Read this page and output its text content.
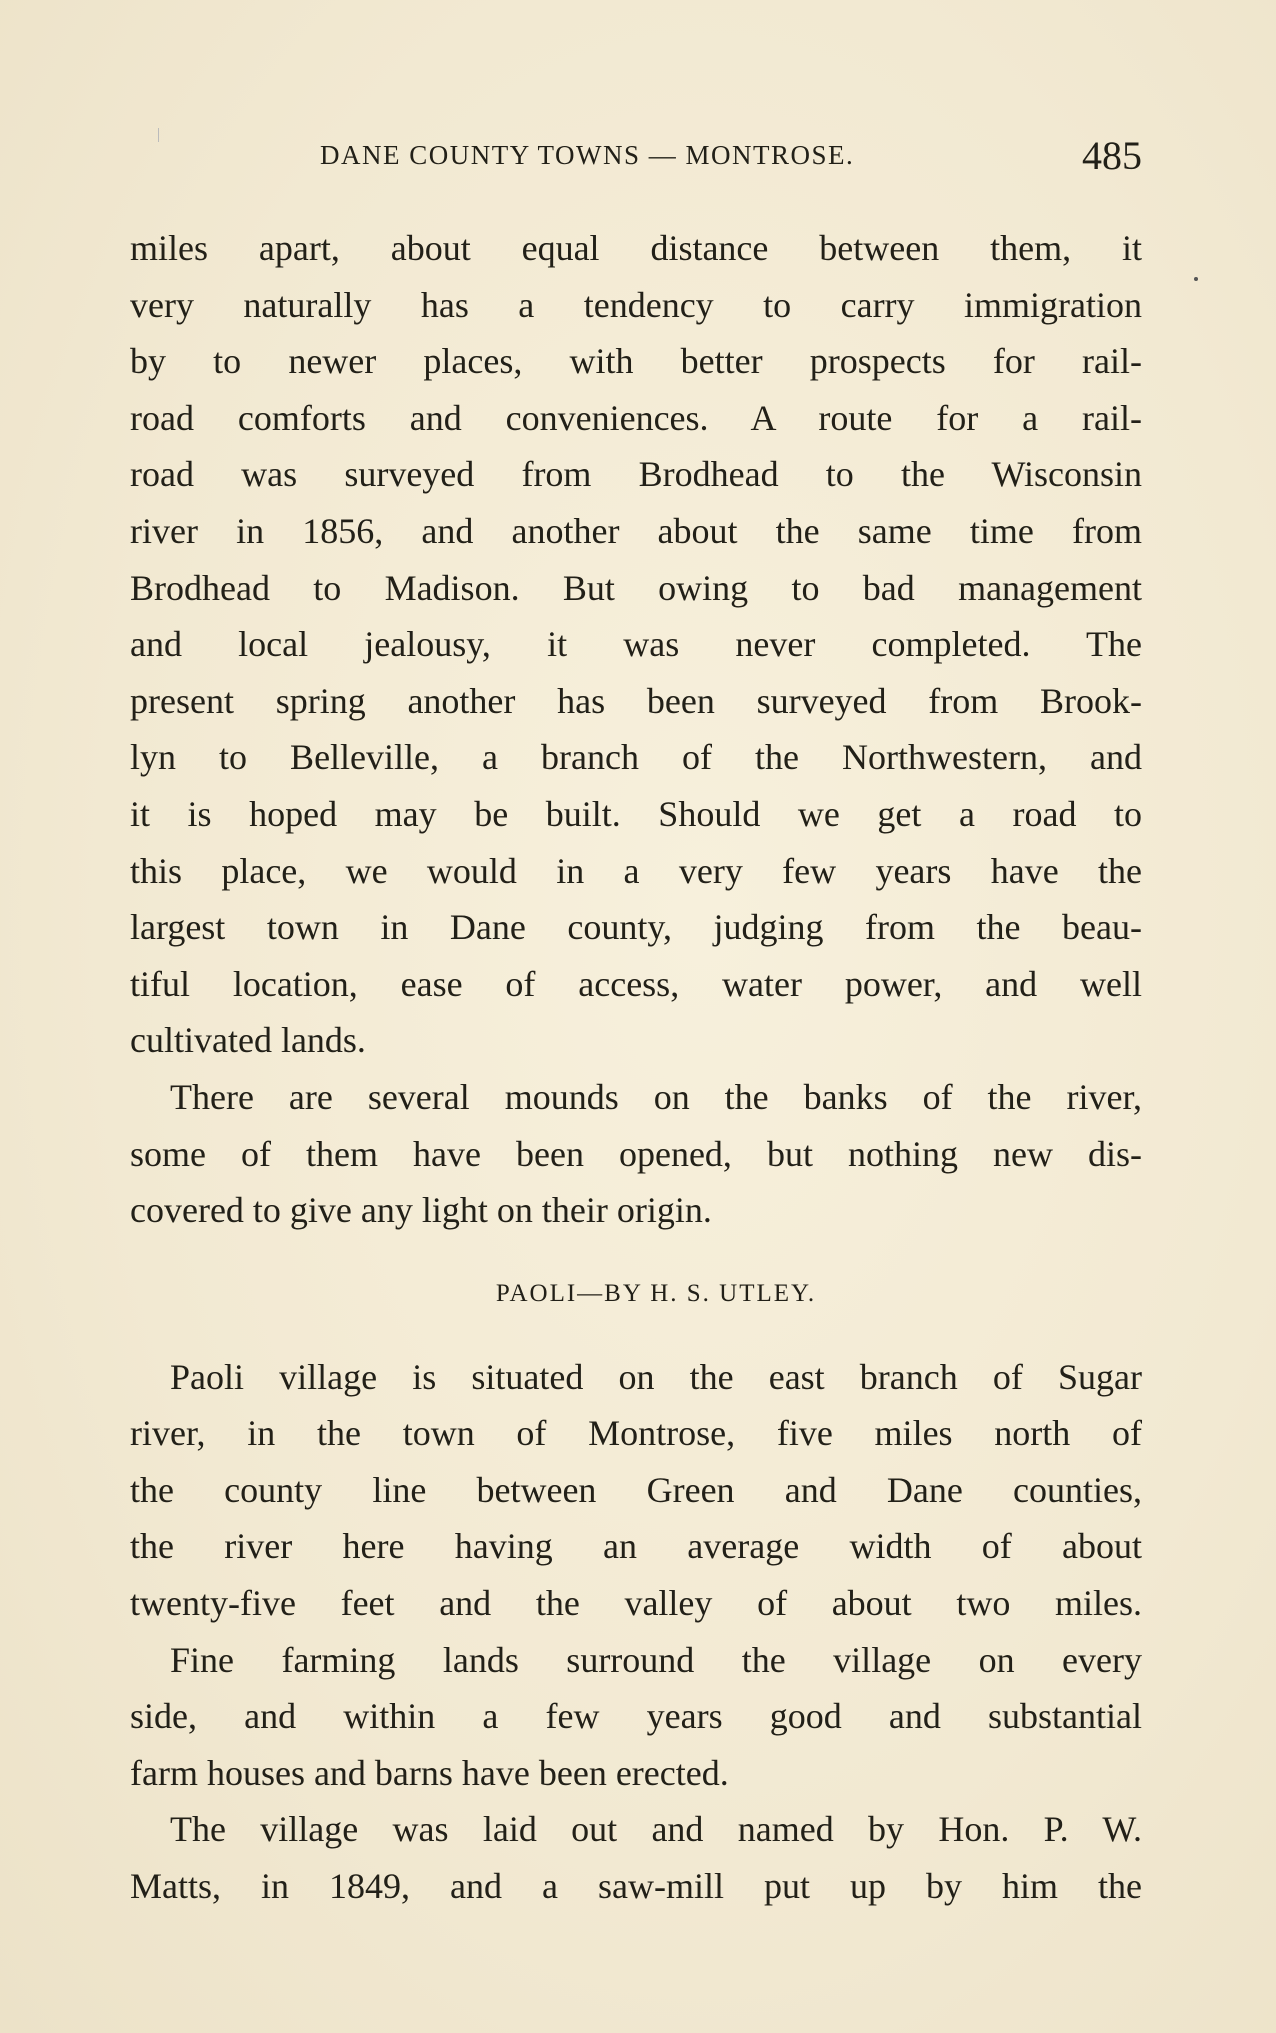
DANE COUNTY TOWNS — MONTROSE.	485
miles apart, about equal distance between them, it
very naturally has a tendency to carry immigration
by to newer places, with better prospects for rail-
road comforts and conveniences. A route for a rail-
road was surveyed from Brodhead to the Wisconsin
river in 1856, and another about the same time from
Brodhead to Madison. But owing to bad management
and local jealousy, it was never completed. The
present spring another has been surveyed from Brook-
lyn to Belleville, a branch of the Northwestern, and
it is hoped may be built. Should we get a road to
this place, we would in a very few years have the
largest town in Dane county, judging from the beau-
tiful location, ease of access, water power, and well
cultivated lands.
There are several mounds on the banks of the river,
some of them have been opened, but nothing new dis-
covered to give any light on their origin.
PAOLI—BY H. S. UTLEY.
Paoli village is situated on the east branch of Sugar
river, in the town of Montrose, five miles north of
the county line between Green and Dane counties,
the river here having an average width of about
twenty-five feet and the valley of about two miles.
Fine farming lands surround the village on every
side, and within a few years good and substantial
farm houses and barns have been erected.
The village was laid out and named by Hon. P. W.
Matts, in 1849, and a saw-mill put up by him the
